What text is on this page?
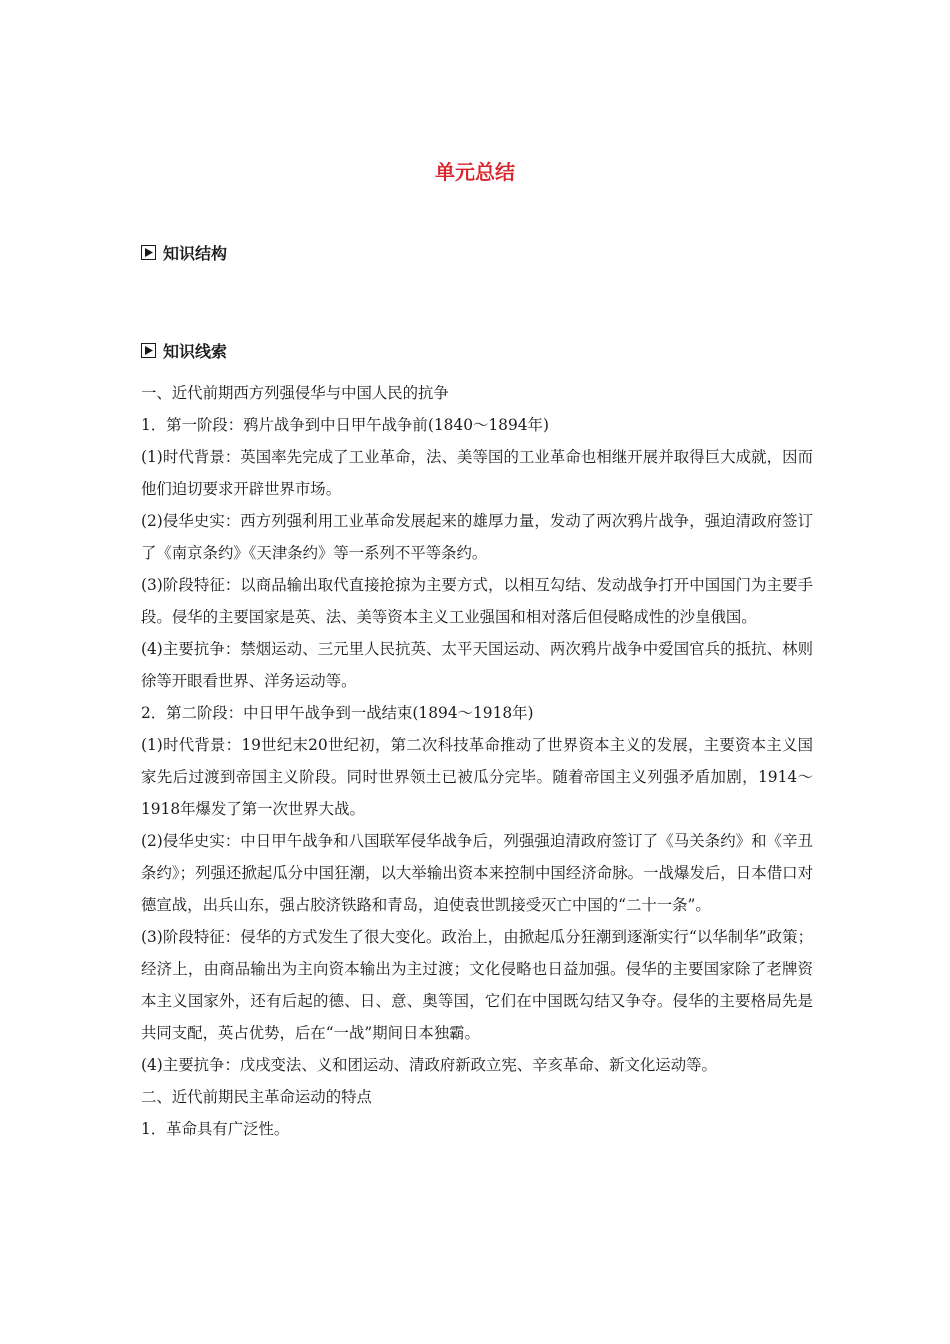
单元总结
知识结构
知识线索

一、近代前期西方列强侵华与中国人民的抗争

1．第一阶段：鸦片战争到中日甲午战争前(1840～1894年)

(1)时代背景：英国率先完成了工业革命，法、美等国的工业革命也相继开展并取得巨大成就，因而他们迫切要求开辟世界市场。

(2)侵华史实：西方列强利用工业革命发展起来的雄厚力量，发动了两次鸦片战争，强迫清政府签订了《南京条约》《天津条约》等一系列不平等条约。

(3)阶段特征：以商品输出取代直接抢掠为主要方式，以相互勾结、发动战争打开中国国门为主要手段。侵华的主要国家是英、法、美等资本主义工业强国和相对落后但侵略成性的沙皇俄国。

(4)主要抗争：禁烟运动、三元里人民抗英、太平天国运动、两次鸦片战争中爱国官兵的抵抗、林则徐等开眼看世界、洋务运动等。

2．第二阶段：中日甲午战争到一战结束(1894～1918年)

(1)时代背景：19世纪末20世纪初，第二次科技革命推动了世界资本主义的发展，主要资本主义国家先后过渡到帝国主义阶段。同时世界领土已被瓜分完毕。随着帝国主义列强矛盾加剧，1914～1918年爆发了第一次世界大战。

(2)侵华史实：中日甲午战争和八国联军侵华战争后，列强强迫清政府签订了《马关条约》和《辛丑条约》；列强还掀起瓜分中国狂潮，以大举输出资本来控制中国经济命脉。一战爆发后，日本借口对德宣战，出兵山东，强占胶济铁路和青岛，迫使袁世凯接受灭亡中国的“二十一条”。

(3)阶段特征：侵华的方式发生了很大变化。政治上，由掀起瓜分狂潮到逐渐实行“以华制华”政策；经济上，由商品输出为主向资本输出为主过渡；文化侵略也日益加强。侵华的主要国家除了老牌资本主义国家外，还有后起的德、日、意、奥等国，它们在中国既勾结又争夺。侵华的主要格局先是共同支配，英占优势，后在“一战”期间日本独霸。

(4)主要抗争：戊戌变法、义和团运动、清政府新政立宪、辛亥革命、新文化运动等。

二、近代前期民主革命运动的特点

1．革命具有广泛性。
